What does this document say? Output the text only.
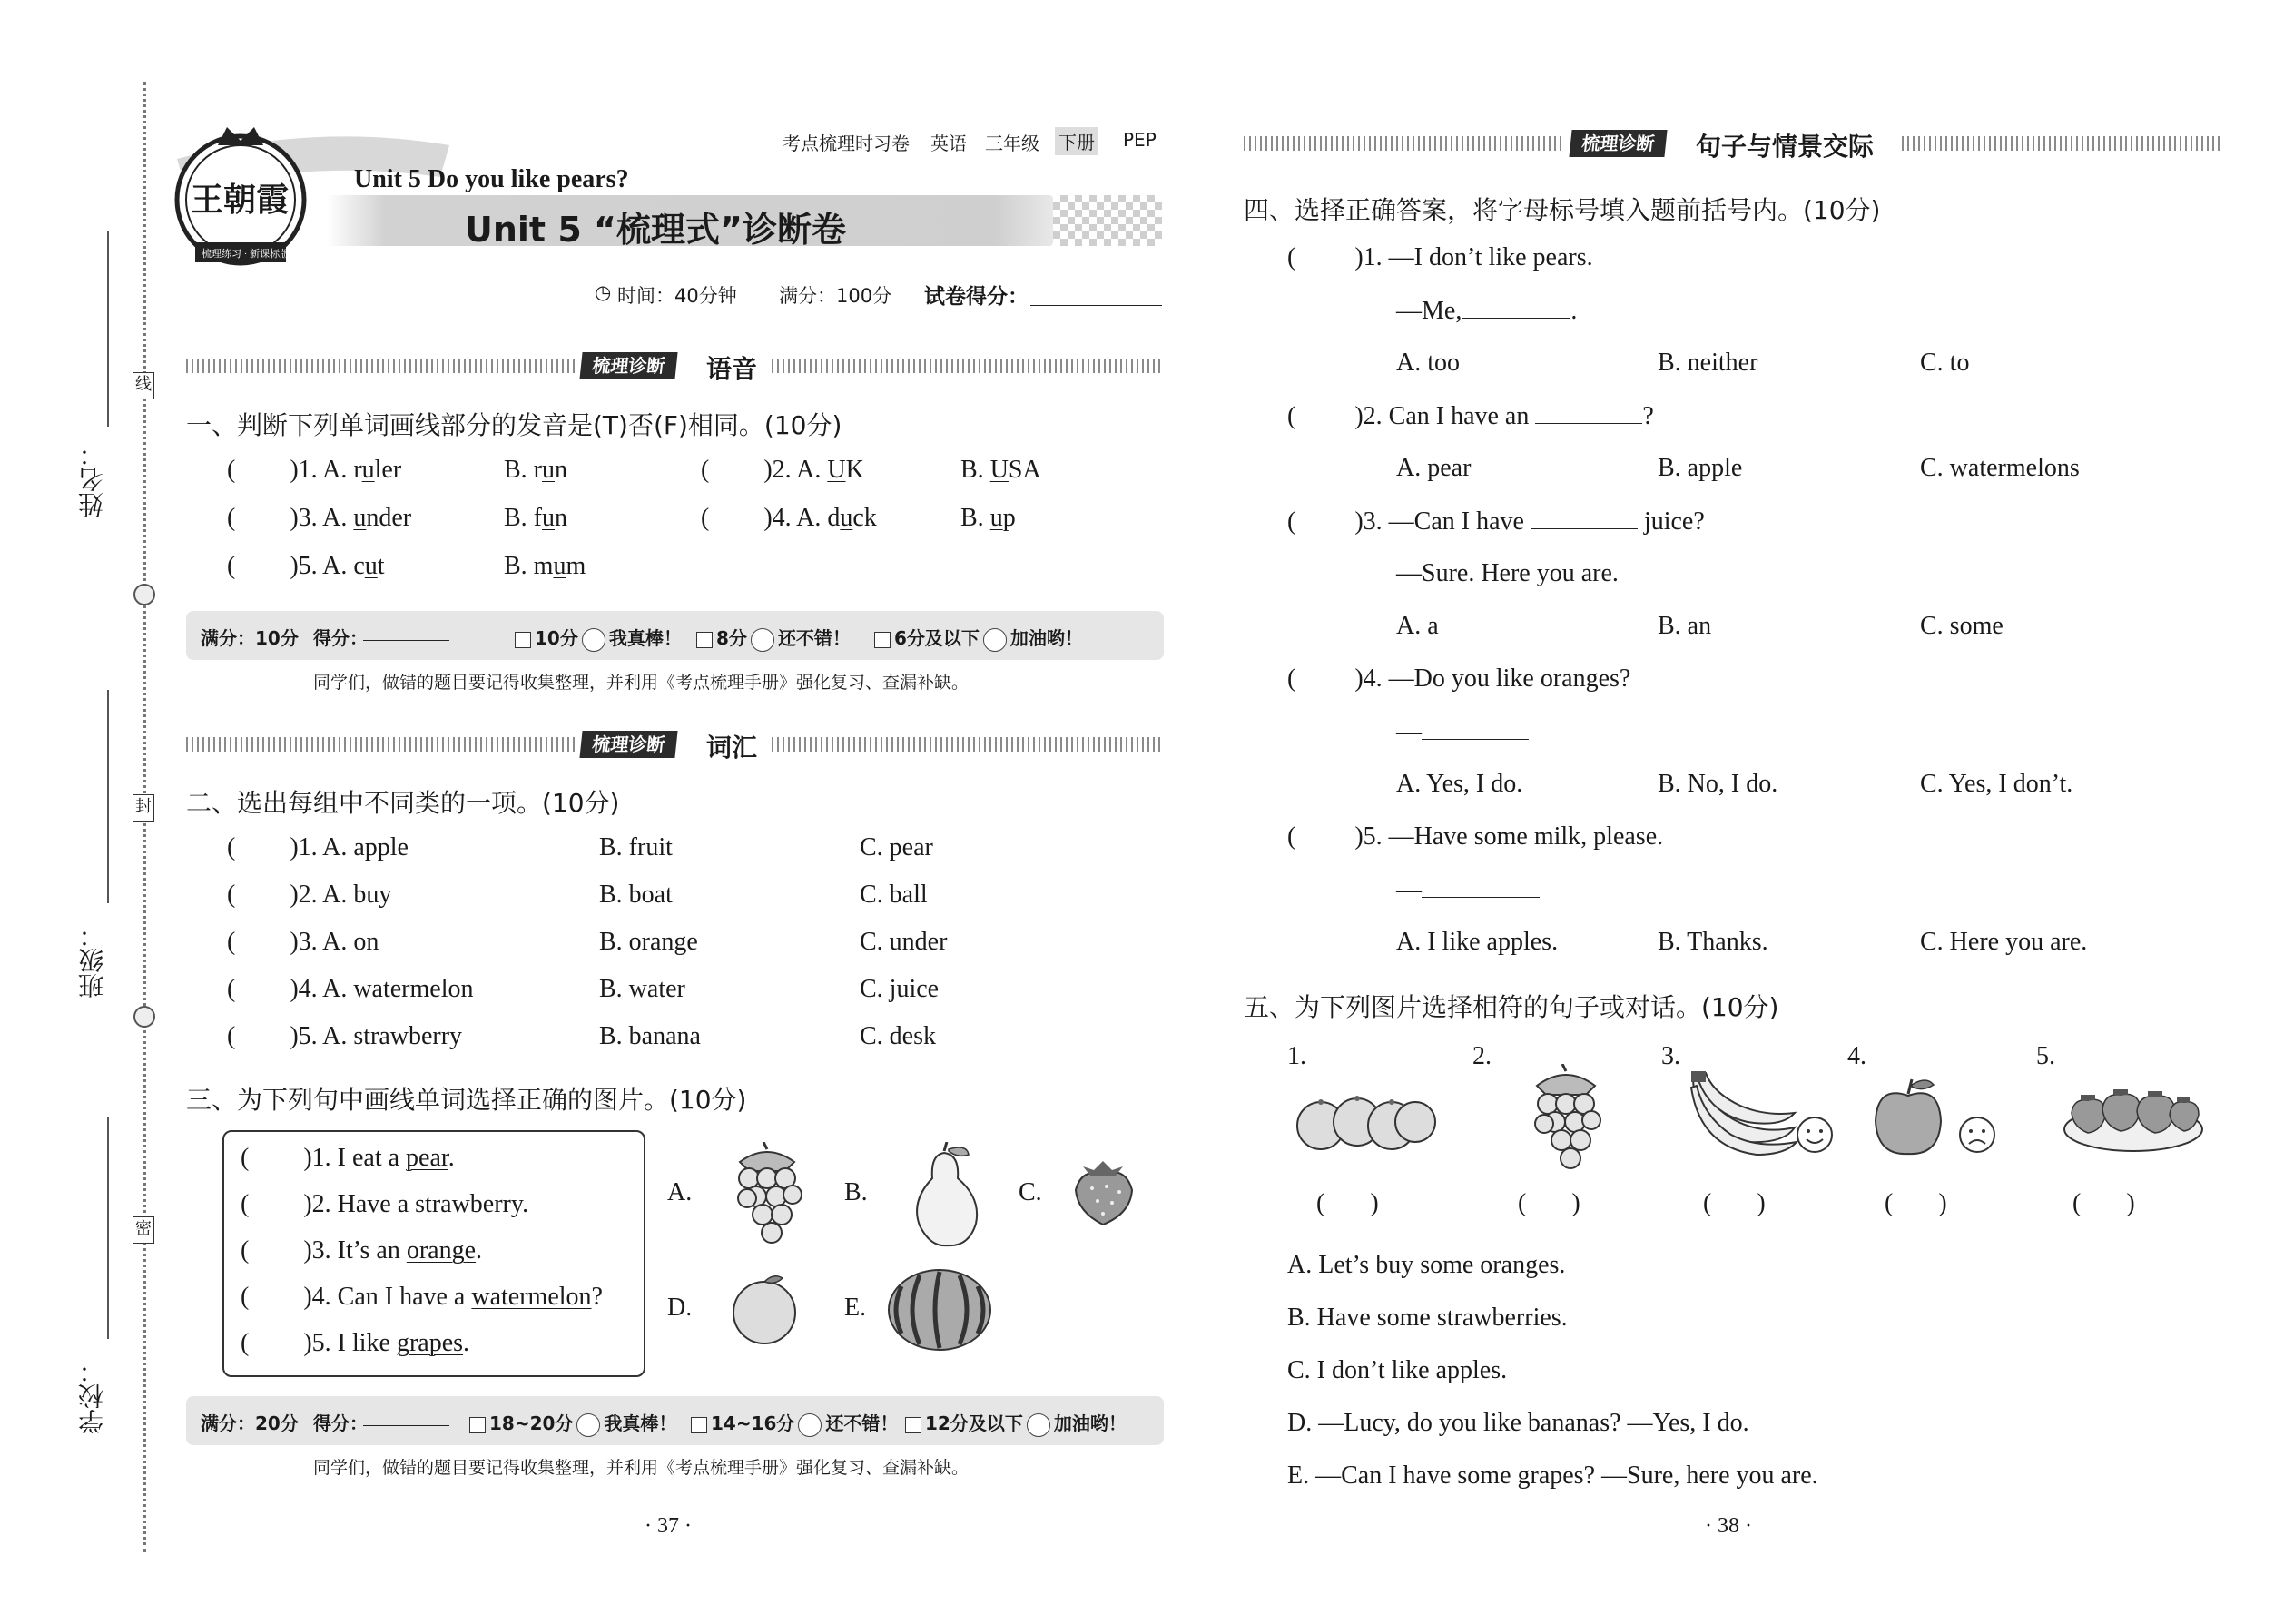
姓名：
班级：
学校：
线
封
密
王朝霞
梳理练习 · 新课标版
考点梳理时习卷 英语 三年级 下册 PEP
Unit 5 Do you like pears?
Unit 5 “梳理式”诊断卷
◷ 时间：40分钟 满分：100分 试卷得分：
梳理诊断	语音
一、判断下列单词画线部分的发音是(T)否(F)相同。(10分)
( )1. A. ruler	B. run	( )2. A. UK	B. USA
( )3. A. under	B. fun	( )4. A. duck	B. up
( )5. A. cut	B. mum
满分：10分 得分：	10分 我真棒！	8分 还不错！	6分及以下 加油哟！
同学们，做错的题目要记得收集整理，并利用《考点梳理手册》强化复习、查漏补缺。
梳理诊断	词汇
二、选出每组中不同类的一项。(10分)
( )1. A. apple	B. fruit	C. pear
( )2. A. buy	B. boat	C. ball
( )3. A. on	B. orange	C. under
( )4. A. watermelon	B. water	C. juice
( )5. A. strawberry	B. banana	C. desk
三、为下列句中画线单词选择正确的图片。(10分)
( )1. I eat a pear.
( )2. Have a strawberry.
( )3. It’s an orange.
( )4. Can I have a watermelon?
( )5. I like grapes.
A.	B.	C.
D.	E.
满分：20分 得分：	18~20分 我真棒！	14~16分 还不错！	12分及以下 加油哟！
同学们，做错的题目要记得收集整理，并利用《考点梳理手册》强化复习、查漏补缺。
· 37 ·
梳理诊断	句子与情景交际
四、选择正确答案，将字母标号填入题前括号内。(10分)
( )1. —I don’t like pears.
—Me,	.
A. too	B. neither	C. to
( )2. Can I have an	?
A. pear	B. apple	C. watermelons
( )3. —Can I have	juice?
—Sure. Here you are.
A. a	B. an	C. some
( )4. —Do you like oranges?
—
A. Yes, I do.	B. No, I do.	C. Yes, I don’t.
( )5. —Have some milk, please.
—
A. I like apples.	B. Thanks.	C. Here you are.
五、为下列图片选择相符的句子或对话。(10分)
1.	2.	3.	4.	5.
( )	( )	( )	( )	( )
A. Let’s buy some oranges.
B. Have some strawberries.
C. I don’t like apples.
D. —Lucy, do you like bananas? —Yes, I do.
E. —Can I have some grapes? —Sure, here you are.
· 38 ·
